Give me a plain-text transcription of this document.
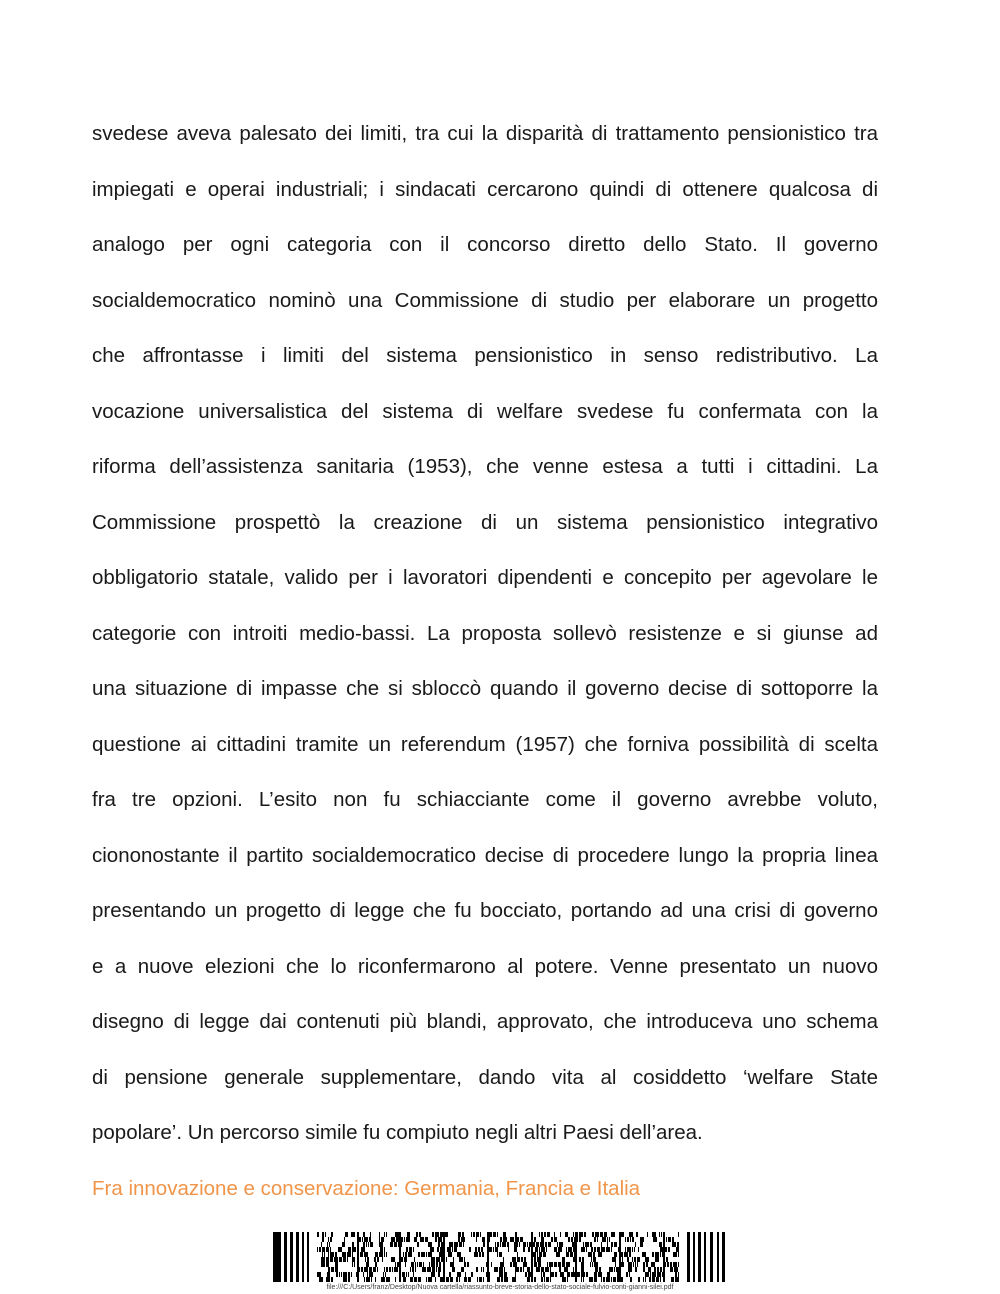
svedese aveva palesato dei limiti, tra cui la disparità di trattamento pensionistico tra
impiegati e operai industriali; i sindacati cercarono quindi di ottenere qualcosa di
analogo per ogni categoria con il concorso diretto dello Stato. Il governo
socialdemocratico nominò una Commissione di studio per elaborare un progetto
che affrontasse i limiti del sistema pensionistico in senso redistributivo. La
vocazione universalistica del sistema di welfare svedese fu confermata con la
riforma dell’assistenza sanitaria (1953), che venne estesa a tutti i cittadini. La
Commissione prospettò la creazione di un sistema pensionistico integrativo
obbligatorio statale, valido per i lavoratori dipendenti e concepito per agevolare le
categorie con introiti medio-bassi. La proposta sollevò resistenze e si giunse ad
una situazione di impasse che si sbloccò quando il governo decise di sottoporre la
questione ai cittadini tramite un referendum (1957) che forniva possibilità di scelta
fra tre opzioni. L’esito non fu schiacciante come il governo avrebbe voluto,
ciononostante il partito socialdemocratico decise di procedere lungo la propria linea
presentando un progetto di legge che fu bocciato, portando ad una crisi di governo
e a nuove elezioni che lo riconfermarono al potere. Venne presentato un nuovo
disegno di legge dai contenuti più blandi, approvato, che introduceva uno schema
di pensione generale supplementare, dando vita al cosiddetto ‘welfare State
popolare’. Un percorso simile fu compiuto negli altri Paesi dell’area.
Fra innovazione e conservazione: Germania, Francia e Italia
file:///C:/Users/franz/Desktop/Nuova cartella/riassunto-breve-storia-dello-stato-sociale-fulvio-conti-gianni-silei.pdf
